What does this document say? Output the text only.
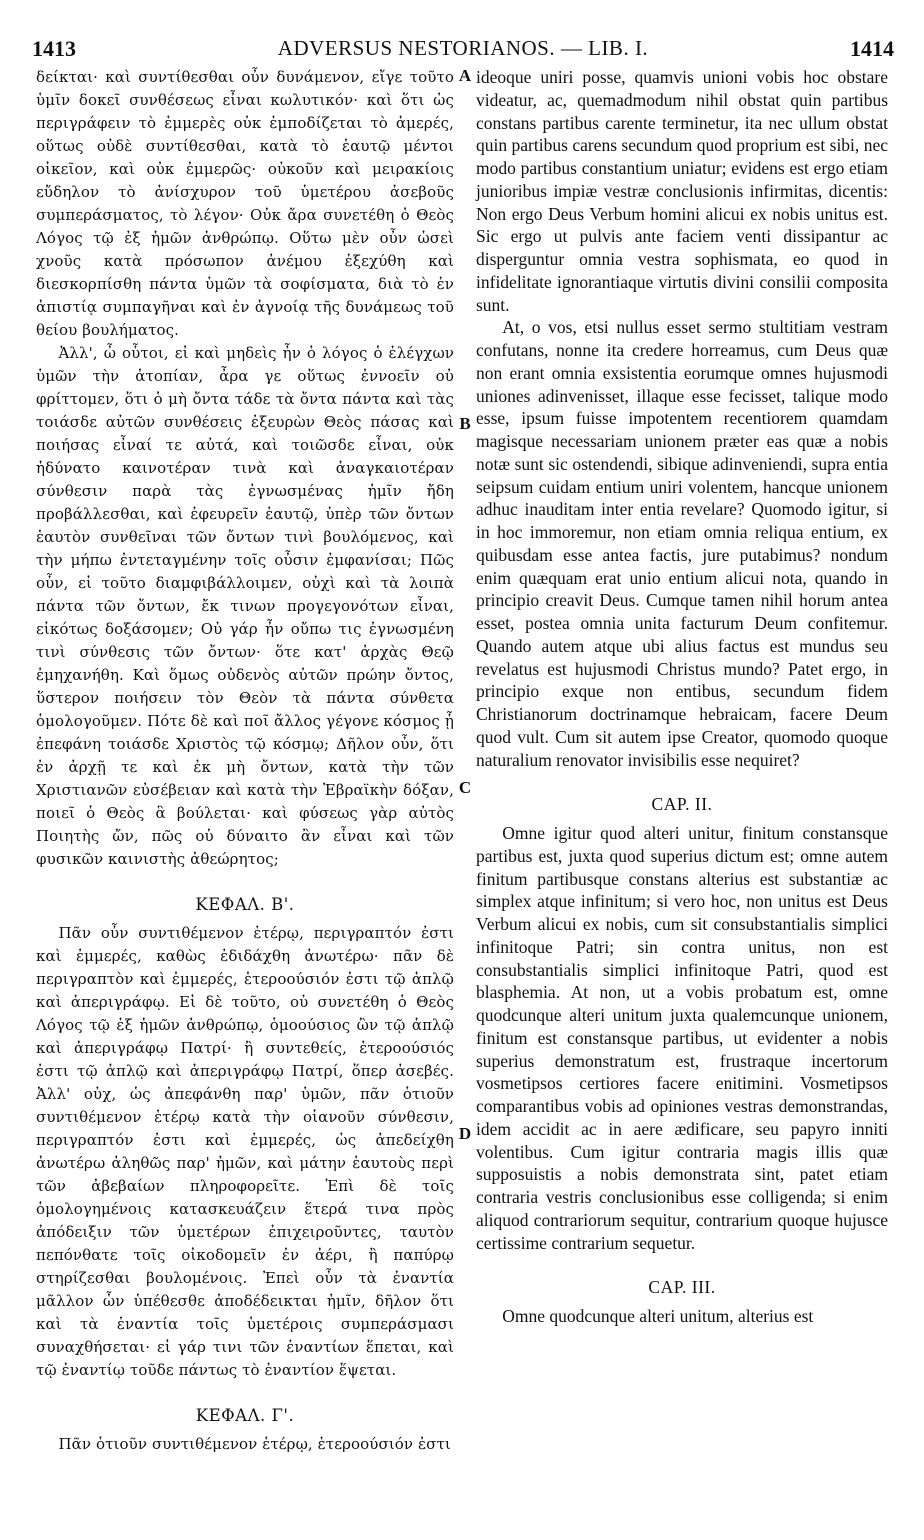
1413	ADVERSUS NESTORIANOS. — LIB. I.	1414

δείκται· καὶ συντίθεσθαι οὖν δυνάμενον, εἴγε τοῦτο ὑμῖν δοκεῖ συνθέσεως εἶναι κωλυτικόν· καὶ ὅτι ὡς περιγράφειν τὸ ἐμμερὲς οὐκ ἐμποδίζεται τὸ ἀμερές, οὕτως οὐδὲ συντίθεσθαι, κατὰ τὸ ἑαυτῷ μέντοι οἰκεῖον, καὶ οὐκ ἐμμερῶς· οὐκοῦν καὶ μειρακίοις εὔδηλον τὸ ἀνίσχυρον τοῦ ὑμετέρου ἀσεβοῦς συμπεράσματος, τὸ λέγον· Οὐκ ἄρα συνετέθη ὁ Θεὸς Λόγος τῷ ἐξ ἡμῶν ἀνθρώπῳ. Οὕτω μὲν οὖν ὡσεὶ χνοῦς κατὰ πρόσωπον ἀνέμου ἐξεχύθη καὶ διεσκορπίσθη πάντα ὑμῶν τὰ σοφίσματα, διὰ τὸ ἐν ἀπιστίᾳ συμπαγῆναι καὶ ἐν ἀγνοίᾳ τῆς δυνάμεως τοῦ θείου βουλήματος.

Ἀλλ', ὦ οὗτοι, εἰ καὶ μηδεὶς ἦν ὁ λόγος ὁ ἐλέγχων ὑμῶν τὴν ἀτοπίαν, ἆρα γε οὕτως ἐννοεῖν οὐ φρίττομεν, ὅτι ὁ μὴ ὄντα τάδε τὰ ὄντα πάντα καὶ τὰς τοιάσδε αὐτῶν συνθέσεις ἐξευρὼν Θεὸς πάσας καὶ ποιήσας εἶναί τε αὐτά, καὶ τοιῶσδε εἶναι, οὐκ ἠδύνατο καινοτέραν τινὰ καὶ ἀναγκαιοτέραν σύνθεσιν παρὰ τὰς ἐγνωσμένας ἡμῖν ἤδη προβάλλεσθαι, καὶ ἐφευρεῖν ἑαυτῷ, ὑπὲρ τῶν ὄντων ἑαυτὸν συνθεῖναι τῶν ὄντων τινὶ βουλόμενος, καὶ τὴν μήπω ἐντεταγμένην τοῖς οὖσιν ἐμφανίσαι; Πῶς οὖν, εἰ τοῦτο διαμφιβάλλοιμεν, οὐχὶ καὶ τὰ λοιπὰ πάντα τῶν ὄντων, ἔκ τινων προγεγονότων εἶναι, εἰκότως δοξάσομεν; Οὐ γάρ ἦν οὔπω τις ἐγνωσμένη τινὶ σύνθεσις τῶν ὄντων· ὅτε κατ' ἀρχὰς Θεῷ ἐμηχανήθη. Καὶ ὅμως οὐδενὸς αὐτῶν πρώην ὄντος, ὕστερον ποιήσειν τὸν Θεὸν τὰ πάντα σύνθετα ὁμολογοῦμεν. Πότε δὲ καὶ ποῖ ἄλλος γέγονε κόσμος ᾗ ἐπεφάνη τοιάσδε Χριστὸς τῷ κόσμῳ; Δῆλον οὖν, ὅτι ἐν ἀρχῇ τε καὶ ἐκ μὴ ὄντων, κατὰ τὴν τῶν Χριστιανῶν εὐσέβειαν καὶ κατὰ τὴν Ἑβραϊκὴν δόξαν, ποιεῖ ὁ Θεὸς ἃ βούλεται· καὶ φύσεως γὰρ αὐτὸς Ποιητὴς ὤν, πῶς οὐ δύναιτο ἂν εἶναι καὶ τῶν φυσικῶν καινιστὴς ἀθεώρητος;

ΚΕΦΑΛ. Β'.

Πᾶν οὖν συντιθέμενον ἑτέρῳ, περιγραπτόν ἐστι καὶ ἐμμερές, καθὼς ἐδιδάχθη ἀνωτέρω· πᾶν δὲ περιγραπτὸν καὶ ἐμμερές, ἑτεροούσιόν ἐστι τῷ ἁπλῷ καὶ ἀπεριγράφῳ. Εἰ δὲ τοῦτο, οὐ συνετέθη ὁ Θεὸς Λόγος τῷ ἐξ ἡμῶν ἀνθρώπῳ, ὁμοούσιος ὢν τῷ ἁπλῷ καὶ ἀπεριγράφῳ Πατρί· ἢ συντεθείς, ἑτεροούσιός ἐστι τῷ ἁπλῷ καὶ ἀπεριγράφῳ Πατρί, ὅπερ ἀσεβές. Ἀλλ' οὐχ, ὡς ἀπεφάνθη παρ' ὑμῶν, πᾶν ὁτιοῦν συντιθέμενον ἑτέρῳ κατὰ τὴν οἱανοῦν σύνθεσιν, περιγραπτόν ἐστι καὶ ἐμμερές, ὡς ἀπεδείχθη ἀνωτέρω ἀληθῶς παρ' ἡμῶν, καὶ μάτην ἑαυτοὺς περὶ τῶν ἀβεβαίων πληροφορεῖτε. Ἐπὶ δὲ τοῖς ὁμολογημένοις κατασκευάζειν ἕτερά τινα πρὸς ἀπόδειξιν τῶν ὑμετέρων ἐπιχειροῦντες, ταυτὸν πεπόνθατε τοῖς οἰκοδομεῖν ἐν ἀέρι, ἢ παπύρῳ στηρίζεσθαι βουλομένοις. Ἐπεὶ οὖν τὰ ἐναντία μᾶλλον ὧν ὑπέθεσθε ἀποδέδεικται ἡμῖν, δῆλον ὅτι καὶ τὰ ἐναντία τοῖς ὑμετέροις συμπεράσμασι συναχθήσεται· εἰ γάρ τινι τῶν ἐναντίων ἕπεται, καὶ τῷ ἐναντίῳ τοῦδε πάντως τὸ ἐναντίον ἕψεται.

ΚΕΦΑΛ. Γ'.

Πᾶν ὁτιοῦν συντιθέμενον ἑτέρῳ, ἑτεροούσιόν ἐστι

A
B
C
D

ideoque uniri posse, quamvis unioni vobis hoc obstare videatur, ac, quemadmodum nihil obstat quin partibus constans partibus carente terminetur, ita nec ullum obstat quin partibus carens secundum quod proprium est sibi, nec modo partibus constantium uniatur; evidens est ergo etiam junioribus impiæ vestræ conclusionis infirmitas, dicentis: Non ergo Deus Verbum homini alicui ex nobis unitus est. Sic ergo ut pulvis ante faciem venti dissipantur ac disperguntur omnia vestra sophismata, eo quod in infidelitate ignorantiaque virtutis divini consilii composita sunt.

At, o vos, etsi nullus esset sermo stultitiam vestram confutans, nonne ita credere horreamus, cum Deus quæ non erant omnia exsistentia eorumque omnes hujusmodi uniones adinvenisset, illaque esse fecisset, talique modo esse, ipsum fuisse impotentem recentiorem quamdam magisque necessariam unionem præter eas quæ a nobis notæ sunt sic ostendendi, sibique adinveniendi, supra entia seipsum cuidam entium uniri volentem, hancque unionem adhuc inauditam inter entia revelare? Quomodo igitur, si in hoc immoremur, non etiam omnia reliqua entium, ex quibusdam esse antea factis, jure putabimus? nondum enim quæquam erat unio entium alicui nota, quando in principio creavit Deus. Cumque tamen nihil horum antea esset, postea omnia unita facturum Deum confitemur. Quando autem atque ubi alius factus est mundus seu revelatus est hujusmodi Christus mundo? Patet ergo, in principio exque non entibus, secundum fidem Christianorum doctrinamque hebraicam, facere Deum quod vult. Cum sit autem ipse Creator, quomodo quoque naturalium renovator invisibilis esse nequiret?

CAP. II.

Omne igitur quod alteri unitur, finitum constansque partibus est, juxta quod superius dictum est; omne autem finitum partibusque constans alterius est substantiæ ac simplex atque infinitum; si vero hoc, non unitus est Deus Verbum alicui ex nobis, cum sit consubstantialis simplici infinitoque Patri; sin contra unitus, non est consubstantialis simplici infinitoque Patri, quod est blasphemia. At non, ut a vobis probatum est, omne quodcunque alteri unitum juxta qualemcunque unionem, finitum est constansque partibus, ut evidenter a nobis superius demonstratum est, frustraque incertorum vosmetipsos certiores facere enitimini. Vosmetipsos comparantibus vobis ad opiniones vestras demonstrandas, idem accidit ac in aere ædificare, seu papyro inniti volentibus. Cum igitur contraria magis illis quæ supposuistis a nobis demonstrata sint, patet etiam contraria vestris conclusionibus esse colligenda; si enim aliquod contrariorum sequitur, contrarium quoque hujusce certissime contrarium sequetur.

CAP. III.

Omne quodcunque alteri unitum, alterius est
